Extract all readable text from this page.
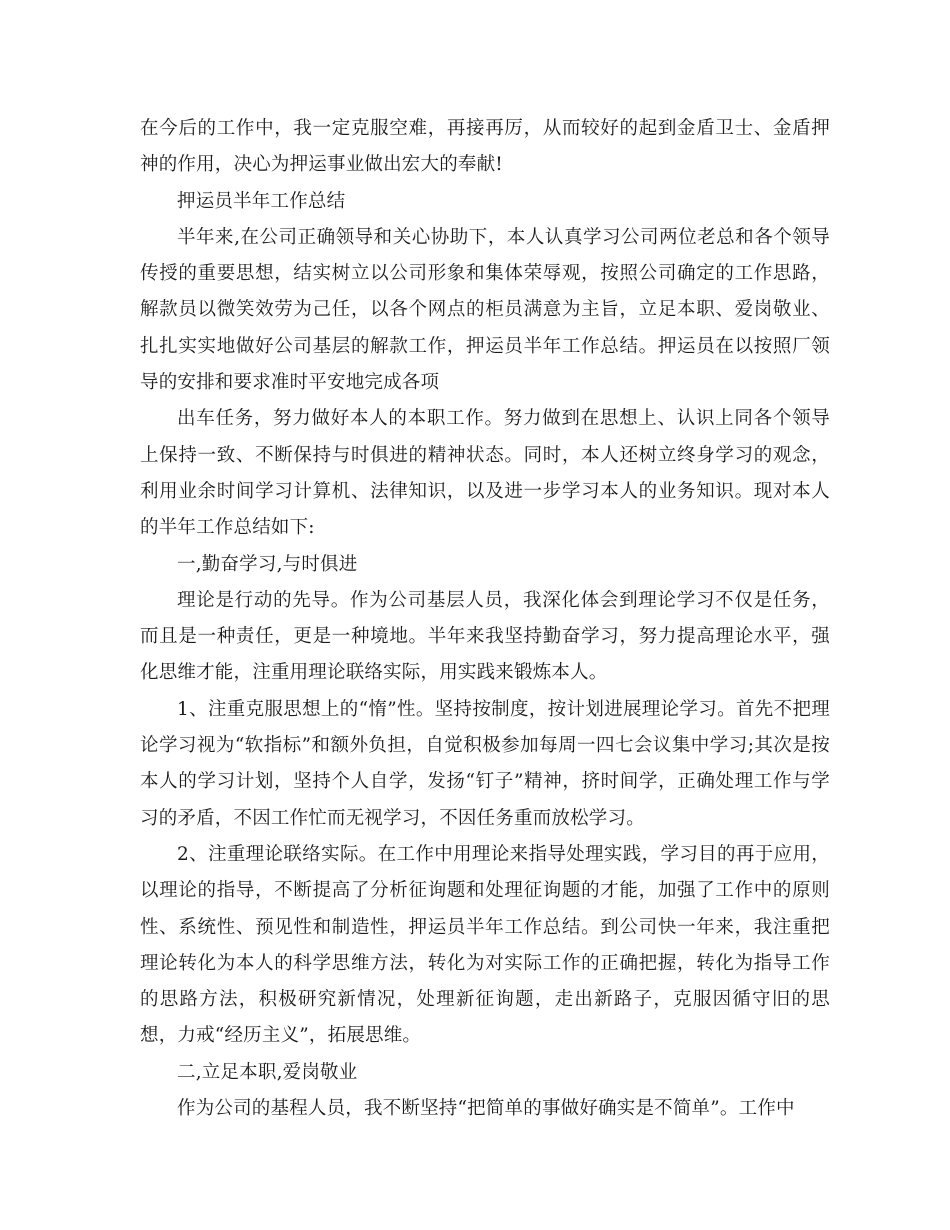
在今后的工作中，我一定克服空难，再接再厉，从而较好的起到金盾卫士、金盾押神的作用，决心为押运事业做出宏大的奉献!

押运员半年工作总结

半年来,在公司正确领导和关心协助下，本人认真学习公司两位老总和各个领导传授的重要思想，结实树立以公司形象和集体荣辱观，按照公司确定的工作思路，解款员以微笑效劳为己任，以各个网点的柜员满意为主旨，立足本职、爱岗敬业、扎扎实实地做好公司基层的解款工作，押运员半年工作总结。押运员在以按照厂领导的安排和要求准时平安地完成各项

出车任务，努力做好本人的本职工作。努力做到在思想上、认识上同各个领导上保持一致、不断保持与时俱进的精神状态。同时，本人还树立终身学习的观念，利用业余时间学习计算机、法律知识，以及进一步学习本人的业务知识。现对本人的半年工作总结如下:

一,勤奋学习,与时俱进

理论是行动的先导。作为公司基层人员，我深化体会到理论学习不仅是任务，而且是一种责任，更是一种境地。半年来我坚持勤奋学习，努力提高理论水平，强化思维才能，注重用理论联络实际，用实践来锻炼本人。

1、注重克服思想上的“惰”性。坚持按制度，按计划进展理论学习。首先不把理论学习视为“软指标”和额外负担，自觉积极参加每周一四七会议集中学习;其次是按本人的学习计划，坚持个人自学，发扬“钉子”精神，挤时间学，正确处理工作与学习的矛盾，不因工作忙而无视学习，不因任务重而放松学习。

2、注重理论联络实际。在工作中用理论来指导处理实践，学习目的再于应用，以理论的指导，不断提高了分析征询题和处理征询题的才能，加强了工作中的原则性、系统性、预见性和制造性，押运员半年工作总结。到公司快一年来，我注重把理论转化为本人的科学思维方法，转化为对实际工作的正确把握，转化为指导工作的思路方法，积极研究新情况，处理新征询题，走出新路子，克服因循守旧的思想，力戒“经历主义”，拓展思维。

二,立足本职,爱岗敬业

作为公司的基程人员，我不断坚持“把简单的事做好确实是不简单”。工作中
